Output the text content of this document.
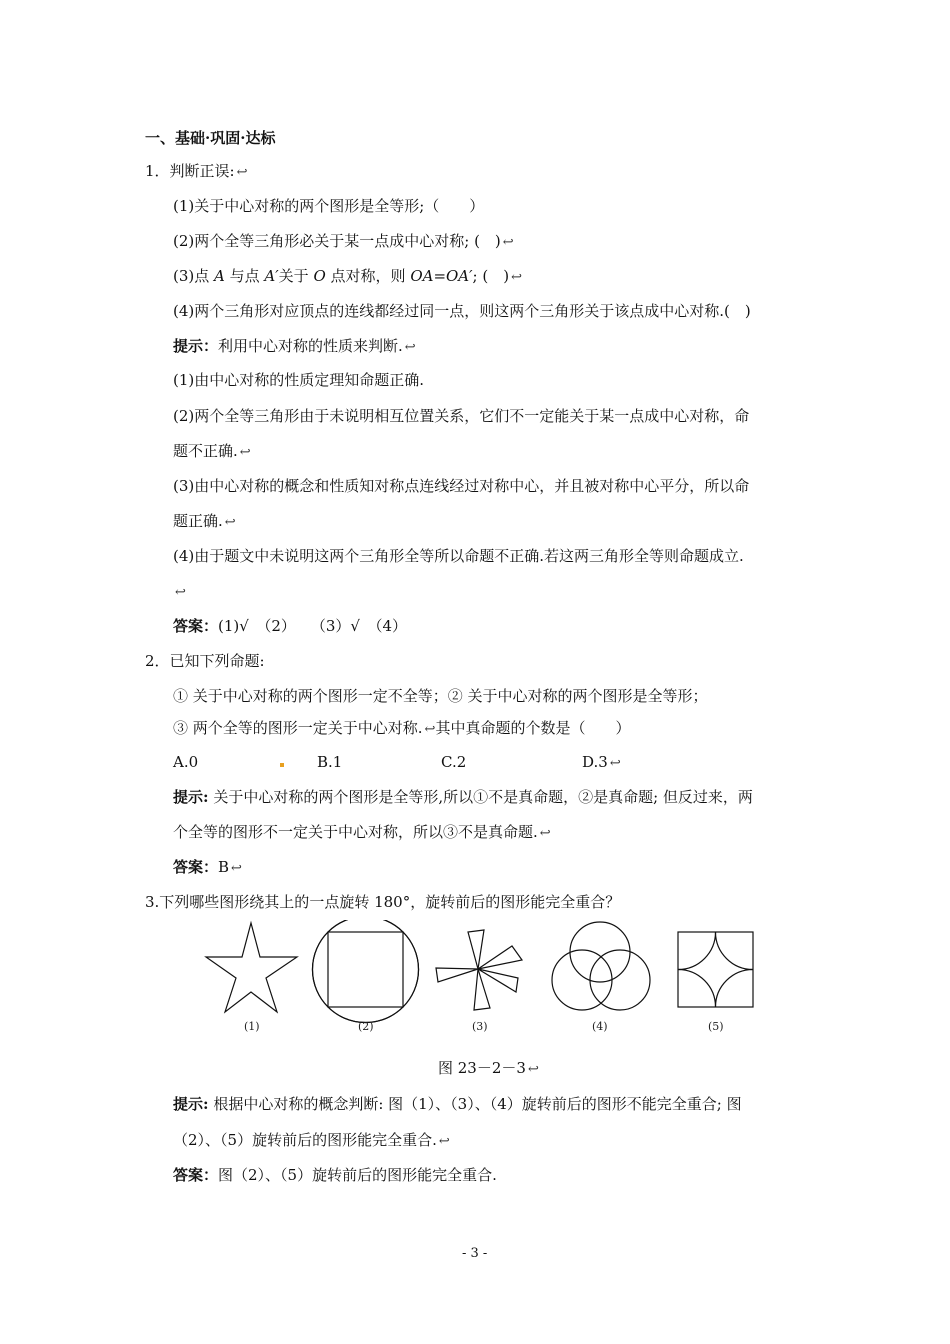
一、基础·巩固·达标
1．判断正误: ↩
(1)关于中心对称的两个图形是全等形;（　　）
(2)两个全等三角形必关于某一点成中心对称; (　) ↩
(3)点 A 与点 A′关于 O 点对称，则 OA=OA′; (　) ↩
(4)两个三角形对应顶点的连线都经过同一点，则这两个三角形关于该点成中心对称.(　)
提示：利用中心对称的性质来判断. ↩
(1)由中心对称的性质定理知命题正确.
(2)两个全等三角形由于未说明相互位置关系，它们不一定能关于某一点成中心对称，命
题不正确. ↩
(3)由中心对称的概念和性质知对称点连线经过对称中心，并且被对称中心平分，所以命
题正确. ↩
(4)由于题文中未说明这两个三角形全等所以命题不正确.若这两三角形全等则命题成立.
↩
答案：(1)√　（2）　　（3）√　（4）
2．已知下列命题:
① 关于中心对称的两个图形一定不全等；② 关于中心对称的两个图形是全等形；
③ 两个全等的图形一定关于中心对称. ↩其中真命题的个数是（　　）
A.0	B.1	C.2	D.3 ↩
提示: 关于中心对称的两个图形是全等形,所以①不是真命题，②是真命题; 但反过来，两
个全等的图形不一定关于中心对称，所以③不是真命题. ↩
答案：B ↩
3.下列哪些图形绕其上的一点旋转 180°，旋转前后的图形能完全重合？
(1)	(2)	(3)	(4)	(5)
图 23－2－3 ↩
提示: 根据中心对称的概念判断: 图（1）、（3）、（4）旋转前后的图形不能完全重合; 图
（2）、（5）旋转前后的图形能完全重合. ↩
答案：图（2）、（5）旋转前后的图形能完全重合.
- 3 -
